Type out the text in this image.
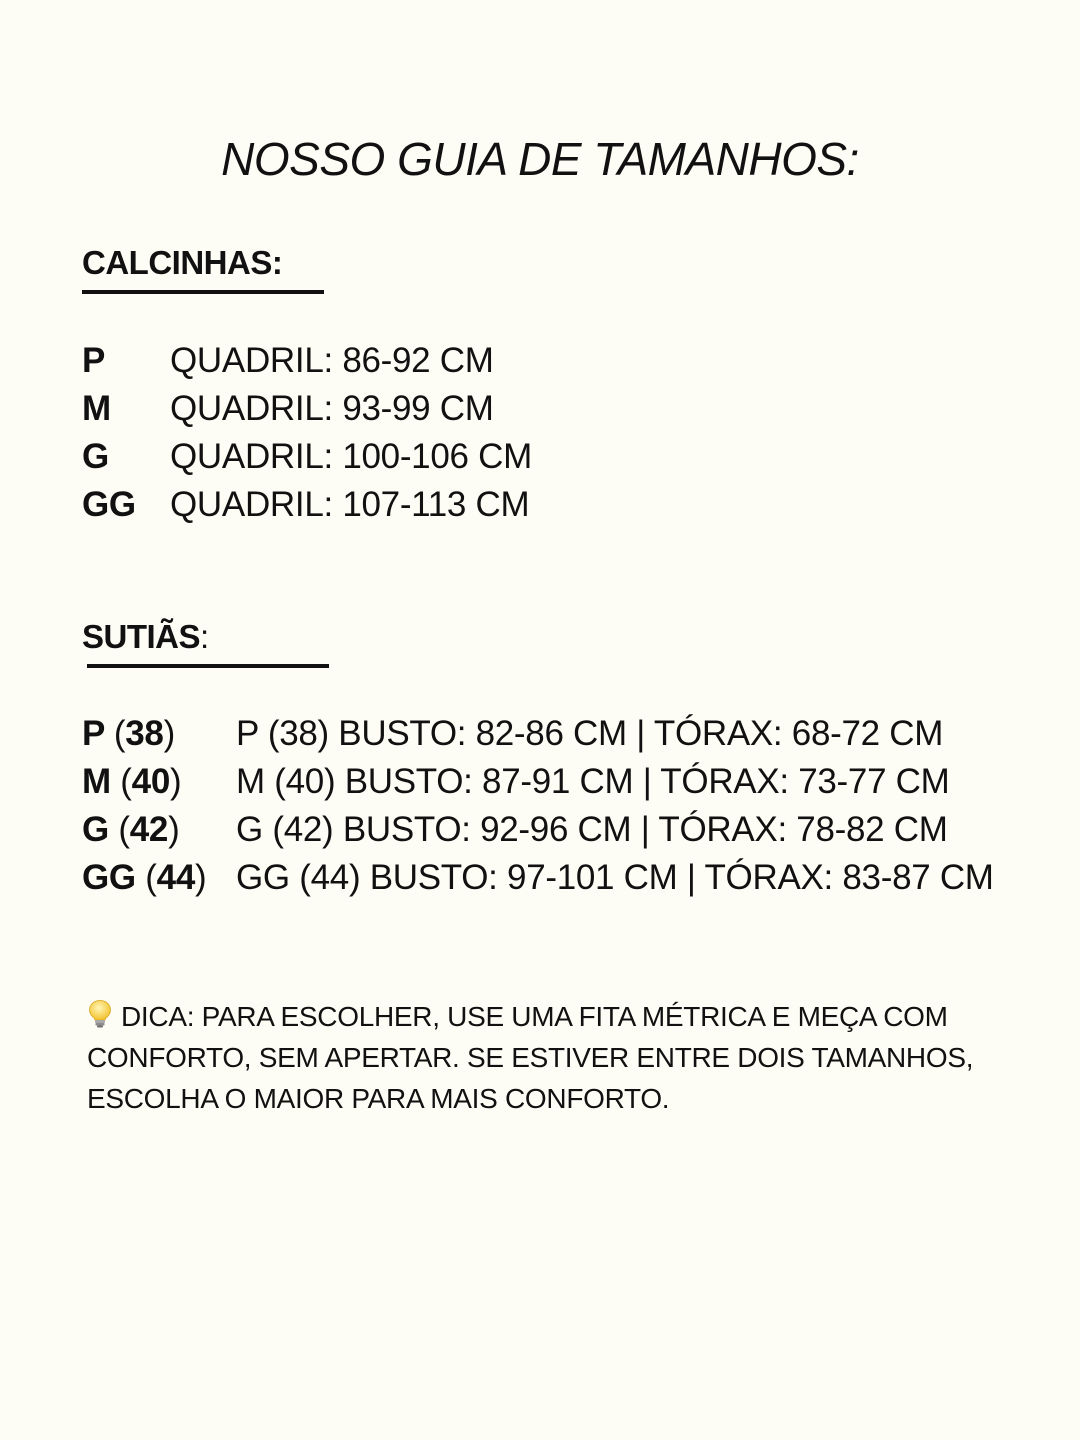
NOSSO GUIA DE TAMANHOS:
CALCINHAS:
P QUADRIL: 86-92 CM
M QUADRIL: 93-99 CM
G QUADRIL: 100-106 CM
GG QUADRIL: 107-113 CM
SUTIÃS:
P (38) P (38) BUSTO: 82-86 CM | TÓRAX: 68-72 CM
M (40) M (40) BUSTO: 87-91 CM | TÓRAX: 73-77 CM
G (42) G (42) BUSTO: 92-96 CM | TÓRAX: 78-82 CM
GG (44) GG (44) BUSTO: 97-101 CM | TÓRAX: 83-87 CM
DICA: PARA ESCOLHER, USE UMA FITA MÉTRICA E MEÇA COM CONFORTO, SEM APERTAR. SE ESTIVER ENTRE DOIS TAMANHOS, ESCOLHA O MAIOR PARA MAIS CONFORTO.
